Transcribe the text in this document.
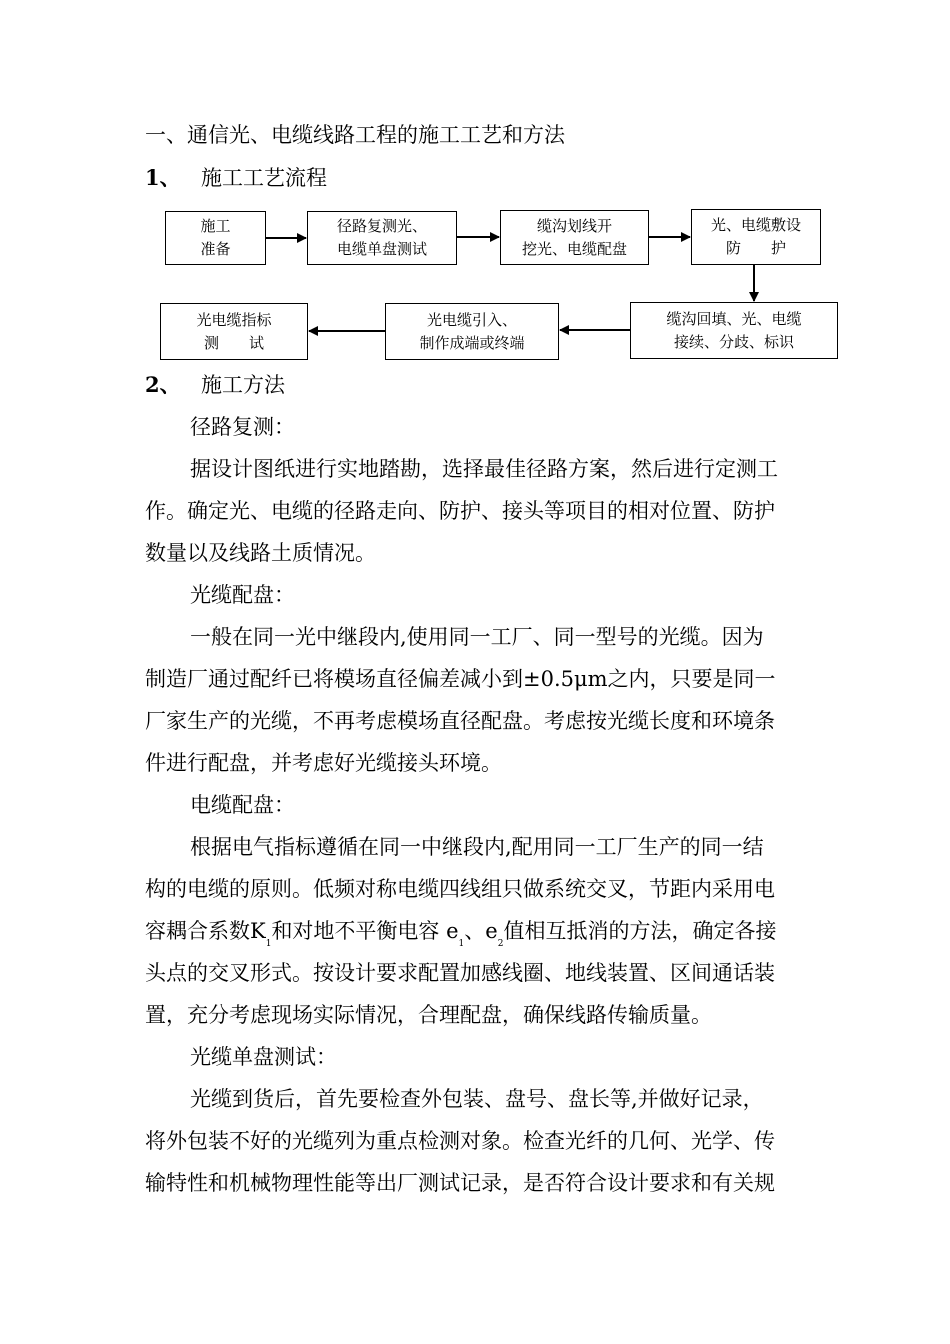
一、通信光、电缆线路工程的施工工艺和方法
1、 施工工艺流程
施工
准备
径路复测光、
电缆单盘测试
缆沟划线开
挖光、电缆配盘
光、电缆敷设
防　　护
光电缆指标
测　　试
光电缆引入、
制作成端或终端
缆沟回填、光、电缆
接续、分歧、标识
2、 施工方法
径路复测：
据设计图纸进行实地踏勘，选择最佳径路方案，然后进行定测工
作。确定光、电缆的径路走向、防护、接头等项目的相对位置、防护
数量以及线路土质情况。
光缆配盘：
一般在同一光中继段内,使用同一工厂、同一型号的光缆。因为
制造厂通过配纤已将模场直径偏差减小到±0.5μm之内，只要是同一
厂家生产的光缆，不再考虑模场直径配盘。考虑按光缆长度和环境条
件进行配盘，并考虑好光缆接头环境。
电缆配盘：
根据电气指标遵循在同一中继段内,配用同一工厂生产的同一结
构的电缆的原则。低频对称电缆四线组只做系统交叉，节距内采用电
容耦合系数$K_1$和对地不平衡电容 $e_1$、$e_2$值相互抵消的方法，确定各接
头点的交叉形式。按设计要求配置加感线圈、地线装置、区间通话装
置，充分考虑现场实际情况，合理配盘，确保线路传输质量。
光缆单盘测试：
光缆到货后，首先要检查外包装、盘号、盘长等,并做好记录，
将外包装不好的光缆列为重点检测对象。检查光纤的几何、光学、传
输特性和机械物理性能等出厂测试记录，是否符合设计要求和有关规
